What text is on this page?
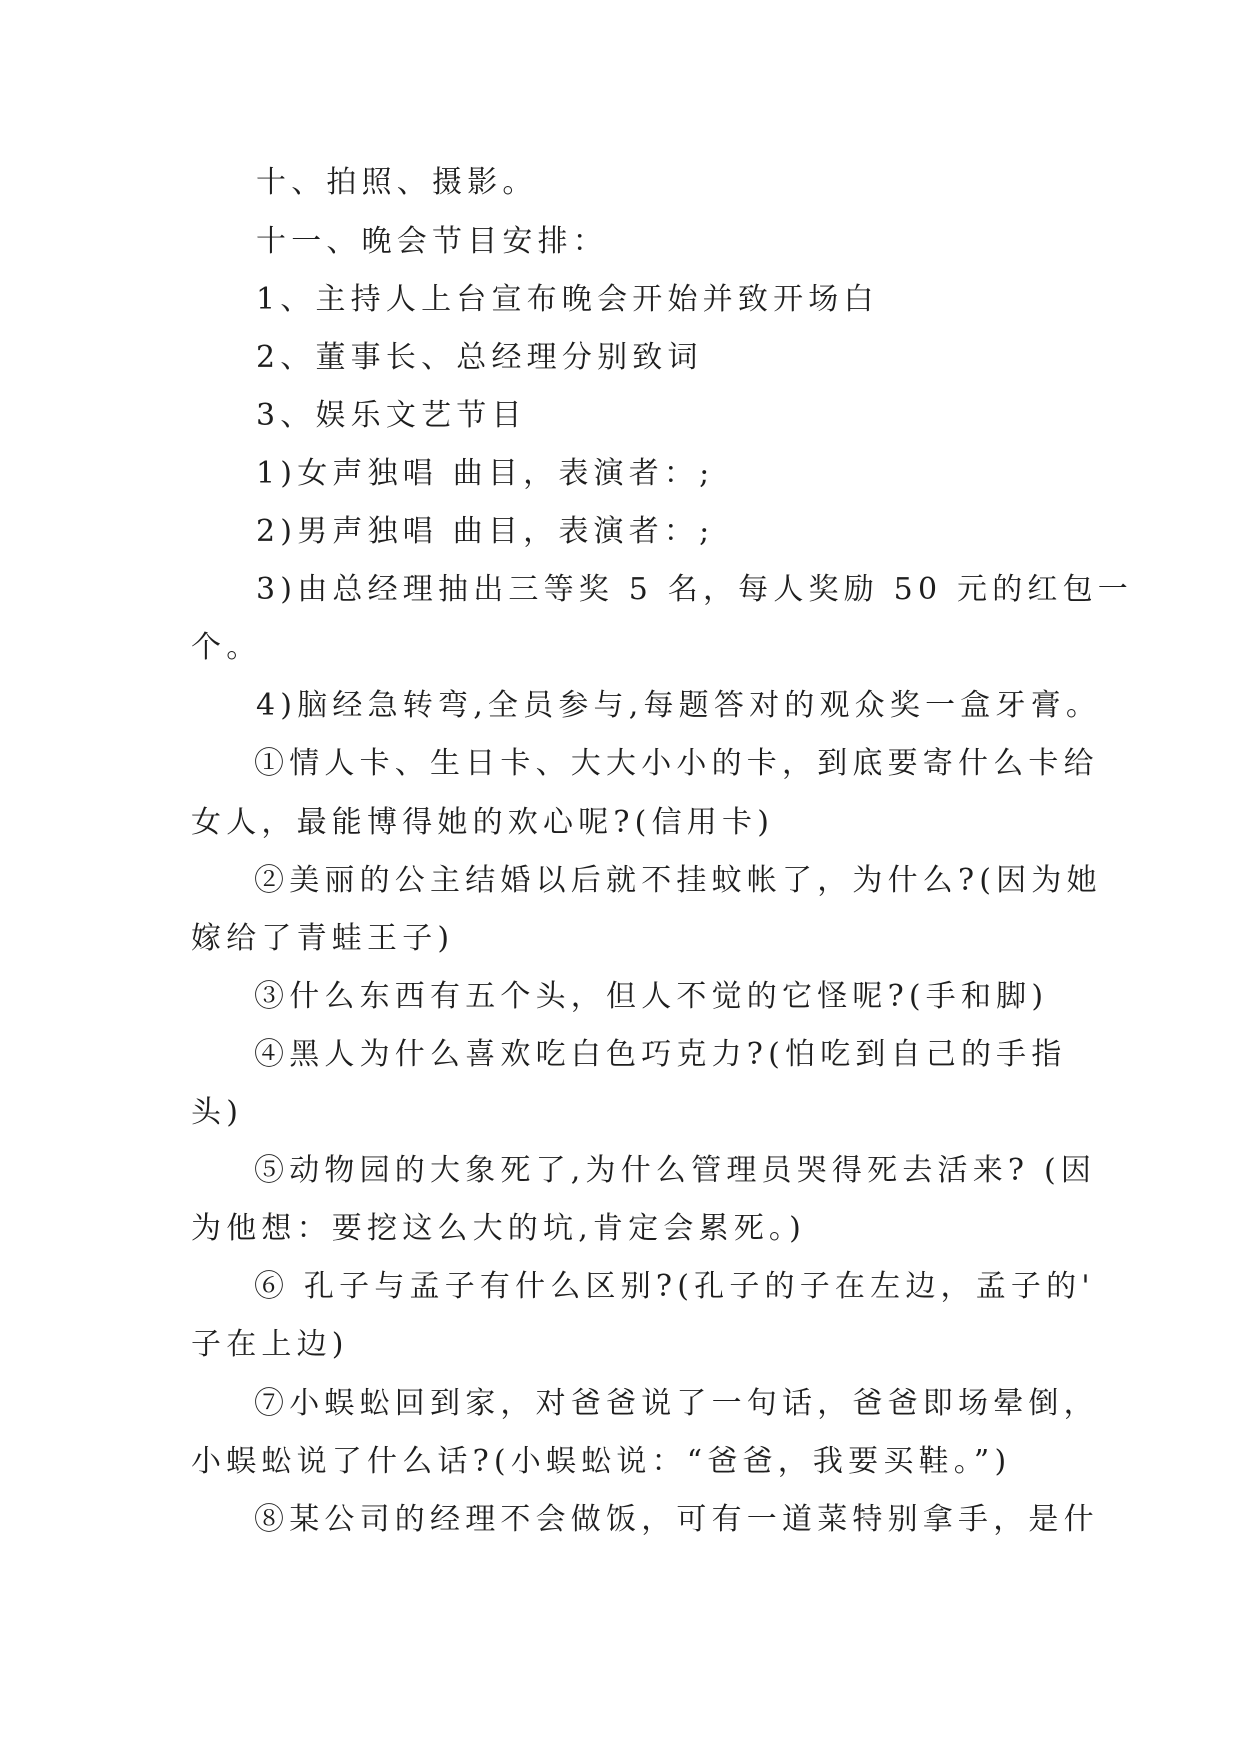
十、拍照、摄影。
十一、晚会节目安排：
1、主持人上台宣布晚会开始并致开场白
2、董事长、总经理分别致词
3、娱乐文艺节目
1)女声独唱 曲目，表演者：;
2)男声独唱 曲目，表演者：;
3)由总经理抽出三等奖 5 名，每人奖励 50 元的红包一
个。
4)脑经急转弯,全员参与,每题答对的观众奖一盒牙膏。
①情人卡、生日卡、大大小小的卡，到底要寄什么卡给
女人，最能博得她的欢心呢?(信用卡)
②美丽的公主结婚以后就不挂蚊帐了，为什么?(因为她
嫁给了青蛙王子)
③什么东西有五个头，但人不觉的它怪呢?(手和脚)
④黑人为什么喜欢吃白色巧克力?(怕吃到自己的手指
头)
⑤动物园的大象死了,为什么管理员哭得死去活来? (因
为他想：要挖这么大的坑,肯定会累死。)
⑥ 孔子与孟子有什么区别?(孔子的子在左边，孟子的'
子在上边)
⑦小蜈蚣回到家，对爸爸说了一句话，爸爸即场晕倒，
小蜈蚣说了什么话?(小蜈蚣说：“爸爸，我要买鞋。”)
⑧某公司的经理不会做饭，可有一道菜特别拿手，是什
